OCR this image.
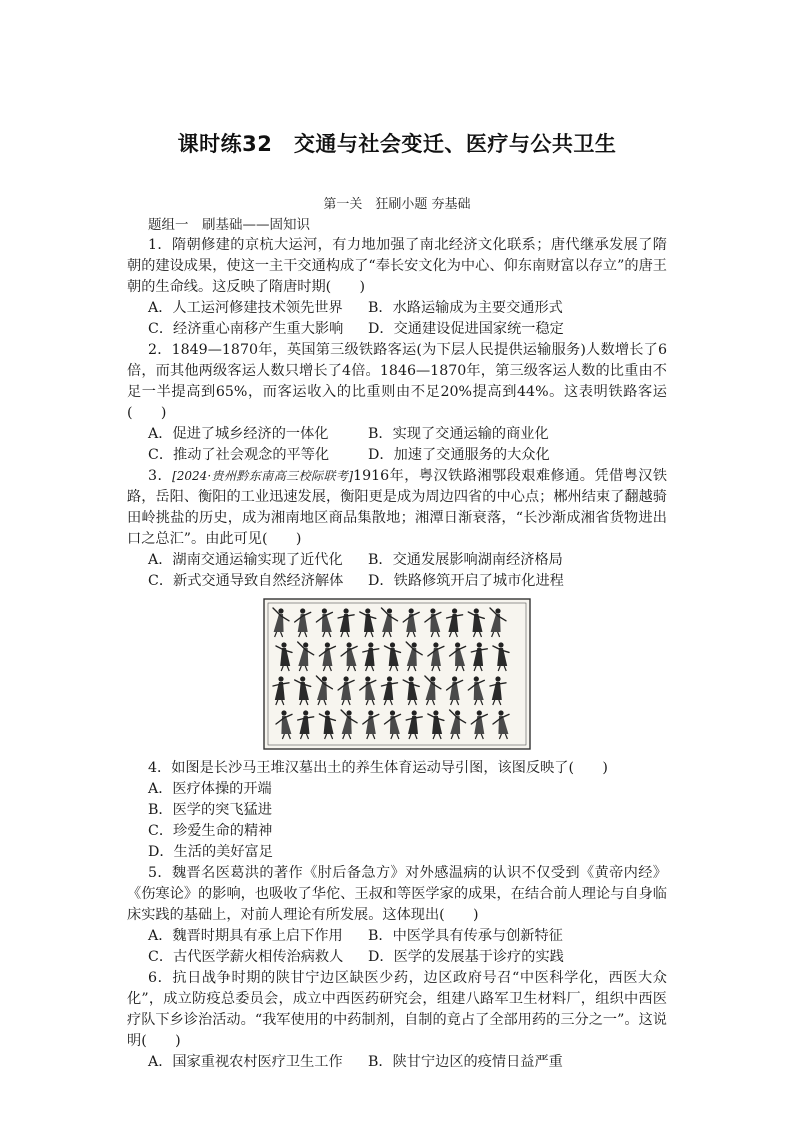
课时练32　交通与社会变迁、医疗与公共卫生
第一关　狂刷小题 夯基础
题组一　刷基础——固知识

1．隋朝修建的京杭大运河，有力地加强了南北经济文化联系；唐代继承发展了隋朝的建设成果，使这一主干交通构成了“奉长安文化为中心、仰东南财富以存立”的唐王朝的生命线。这反映了隋唐时期(　　)

A．人工运河修建技术领先世界	B．水路运输成为主要交通形式
C．经济重心南移产生重大影响	D．交通建设促进国家统一稳定

2．1849—1870年，英国第三级铁路客运(为下层人民提供运输服务)人数增长了6倍，而其他两级客运人数只增长了4倍。1846—1870年，第三级客运人数的比重由不足一半提高到65%，而客运收入的比重则由不足20%提高到44%。这表明铁路客运(　　)

A．促进了城乡经济的一体化	B．实现了交通运输的商业化
C．推动了社会观念的平等化	D．加速了交通服务的大众化

3．[2024·贵州黔东南高三校际联考]1916年，粤汉铁路湘鄂段艰难修通。凭借粤汉铁路，岳阳、衡阳的工业迅速发展，衡阳更是成为周边四省的中心点；郴州结束了翻越骑田岭挑盐的历史，成为湘南地区商品集散地；湘潭日渐衰落，“长沙渐成湘省货物进出口之总汇”。由此可见(　　)

A．湖南交通运输实现了近代化	B．交通发展影响湖南经济格局
C．新式交通导致自然经济解体	D．铁路修筑开启了城市化进程

4．如图是长沙马王堆汉墓出土的养生体育运动导引图，该图反映了(　　)

A．医疗体操的开端

B．医学的突飞猛进

C．珍爱生命的精神

D．生活的美好富足

5．魏晋名医葛洪的著作《肘后备急方》对外感温病的认识不仅受到《黄帝内经》《伤寒论》的影响，也吸收了华佗、王叔和等医学家的成果，在结合前人理论与自身临床实践的基础上，对前人理论有所发展。这体现出(　　)

A．魏晋时期具有承上启下作用	B．中医学具有传承与创新特征
C．古代医学薪火相传治病救人	D．医学的发展基于诊疗的实践

6．抗日战争时期的陕甘宁边区缺医少药，边区政府号召“中医科学化，西医大众化”，成立防疫总委员会，成立中西医药研究会，组建八路军卫生材料厂，组织中西医疗队下乡诊治活动。“我军使用的中药制剂，自制的竟占了全部用药的三分之一”。这说明(　　)

A．国家重视农村医疗卫生工作	B．陕甘宁边区的疫情日益严重
